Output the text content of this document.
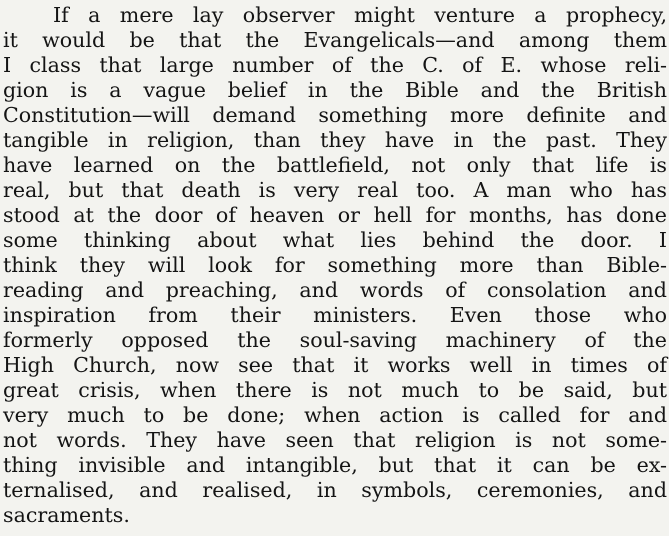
If a mere lay observer might venture a prophecy,
it would be that the Evangelicals—and among them
I class that large number of the C. of E. whose reli-
gion is a vague belief in the Bible and the British
Constitution—will demand something more definite and
tangible in religion, than they have in the past. They
have learned on the battlefield, not only that life is
real, but that death is very real too. A man who has
stood at the door of heaven or hell for months, has done
some thinking about what lies behind the door. I
think they will look for something more than Bible-
reading and preaching, and words of consolation and
inspiration from their ministers. Even those who
formerly opposed the soul-saving machinery of the
High Church, now see that it works well in times of
great crisis, when there is not much to be said, but
very much to be done; when action is called for and
not words. They have seen that religion is not some-
thing invisible and intangible, but that it can be ex-
ternalised, and realised, in symbols, ceremonies, and
sacraments.
